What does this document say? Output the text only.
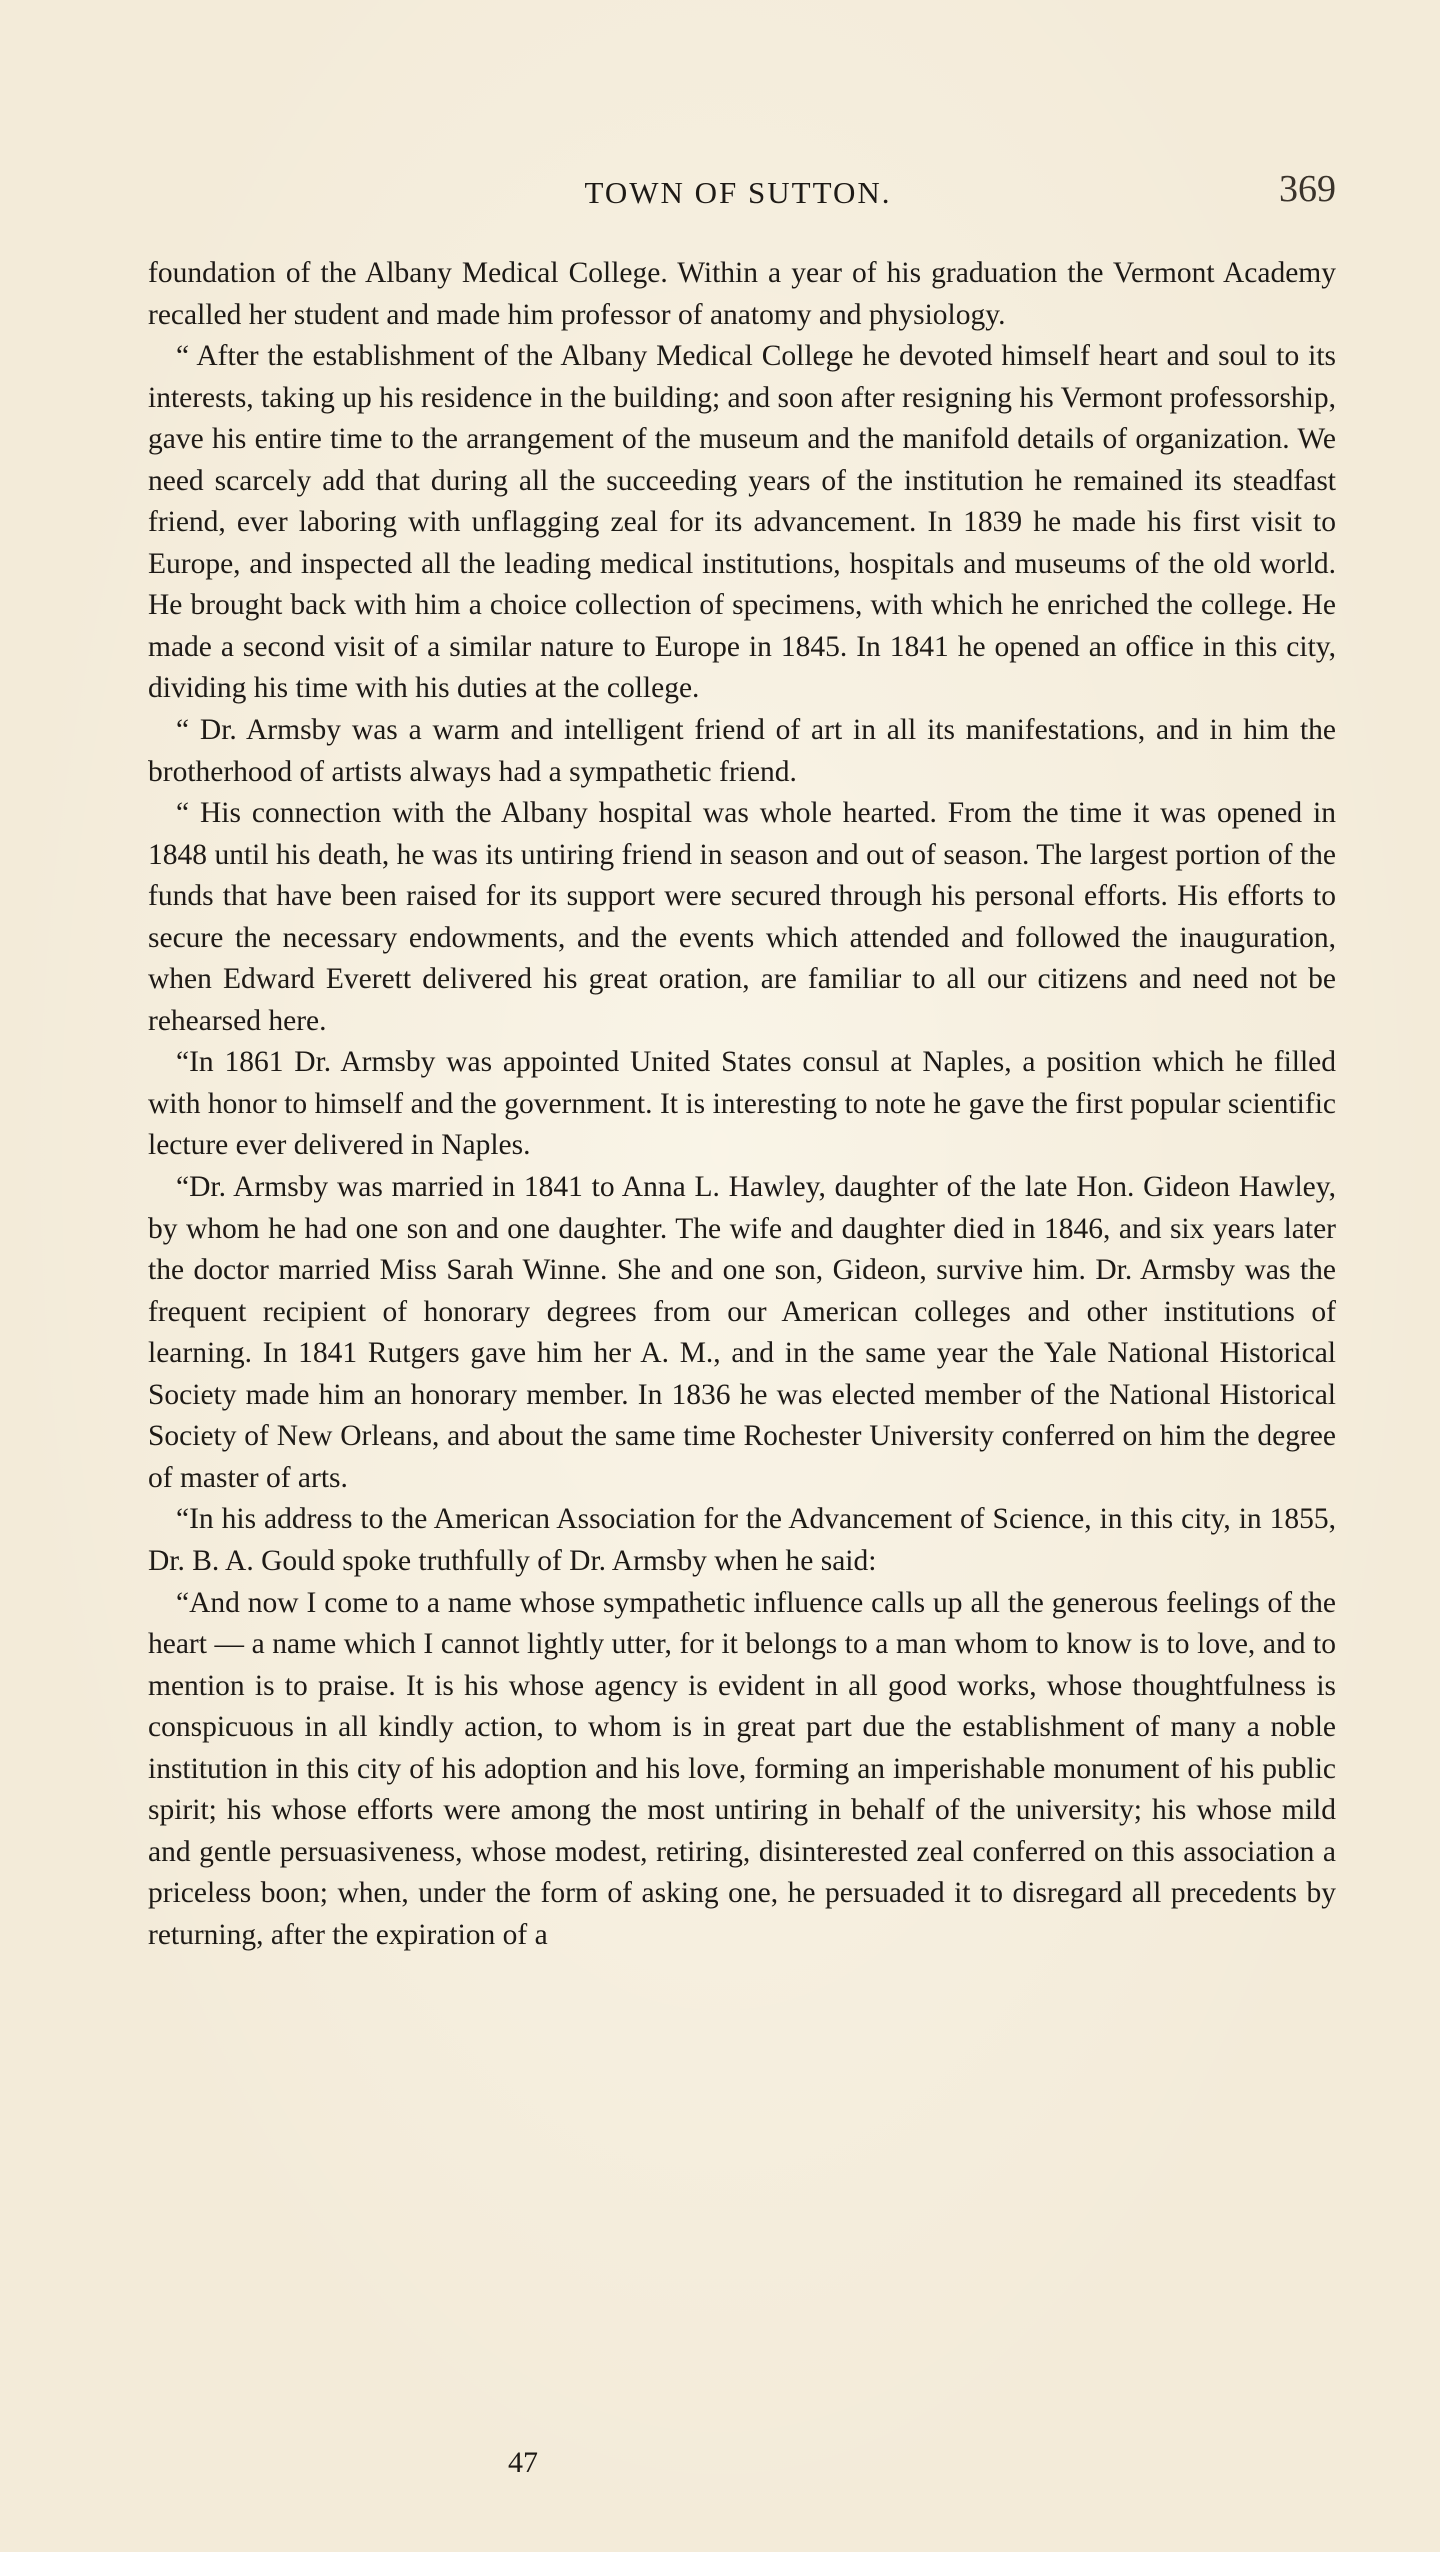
TOWN OF SUTTON.	369

foundation of the Albany Medical College. Within a year of his graduation the Vermont Academy recalled her student and made him professor of anatomy and physiology.

“ After the establishment of the Albany Medical College he devoted himself heart and soul to its interests, taking up his residence in the building; and soon after resigning his Vermont professorship, gave his entire time to the arrangement of the museum and the manifold details of organization. We need scarcely add that during all the succeeding years of the institution he remained its steadfast friend, ever laboring with unflagging zeal for its advancement. In 1839 he made his first visit to Europe, and inspected all the leading medical institutions, hospitals and museums of the old world. He brought back with him a choice collection of specimens, with which he enriched the college. He made a second visit of a similar nature to Europe in 1845. In 1841 he opened an office in this city, dividing his time with his duties at the college.

“ Dr. Armsby was a warm and intelligent friend of art in all its manifestations, and in him the brotherhood of artists always had a sympathetic friend.

“ His connection with the Albany hospital was whole hearted. From the time it was opened in 1848 until his death, he was its untiring friend in season and out of season. The largest portion of the funds that have been raised for its support were secured through his personal efforts. His efforts to secure the necessary endowments, and the events which attended and followed the inauguration, when Edward Everett delivered his great oration, are familiar to all our citizens and need not be rehearsed here.

“In 1861 Dr. Armsby was appointed United States consul at Naples, a position which he filled with honor to himself and the government. It is interesting to note he gave the first popular scientific lecture ever delivered in Naples.

“Dr. Armsby was married in 1841 to Anna L. Hawley, daughter of the late Hon. Gideon Hawley, by whom he had one son and one daughter. The wife and daughter died in 1846, and six years later the doctor married Miss Sarah Winne. She and one son, Gideon, survive him. Dr. Armsby was the frequent recipient of honorary degrees from our American colleges and other institutions of learning. In 1841 Rutgers gave him her A. M., and in the same year the Yale National Historical Society made him an honorary member. In 1836 he was elected member of the National Historical Society of New Orleans, and about the same time Rochester University conferred on him the degree of master of arts.

“In his address to the American Association for the Advancement of Science, in this city, in 1855, Dr. B. A. Gould spoke truthfully of Dr. Armsby when he said:

“And now I come to a name whose sympathetic influence calls up all the generous feelings of the heart — a name which I cannot lightly utter, for it belongs to a man whom to know is to love, and to mention is to praise. It is his whose agency is evident in all good works, whose thoughtfulness is conspicuous in all kindly action, to whom is in great part due the establishment of many a noble institution in this city of his adoption and his love, forming an imperishable monument of his public spirit; his whose efforts were among the most untiring in behalf of the university; his whose mild and gentle persuasiveness, whose modest, retiring, disinterested zeal conferred on this association a priceless boon; when, under the form of asking one, he persuaded it to disregard all precedents by returning, after the expiration of a

47
